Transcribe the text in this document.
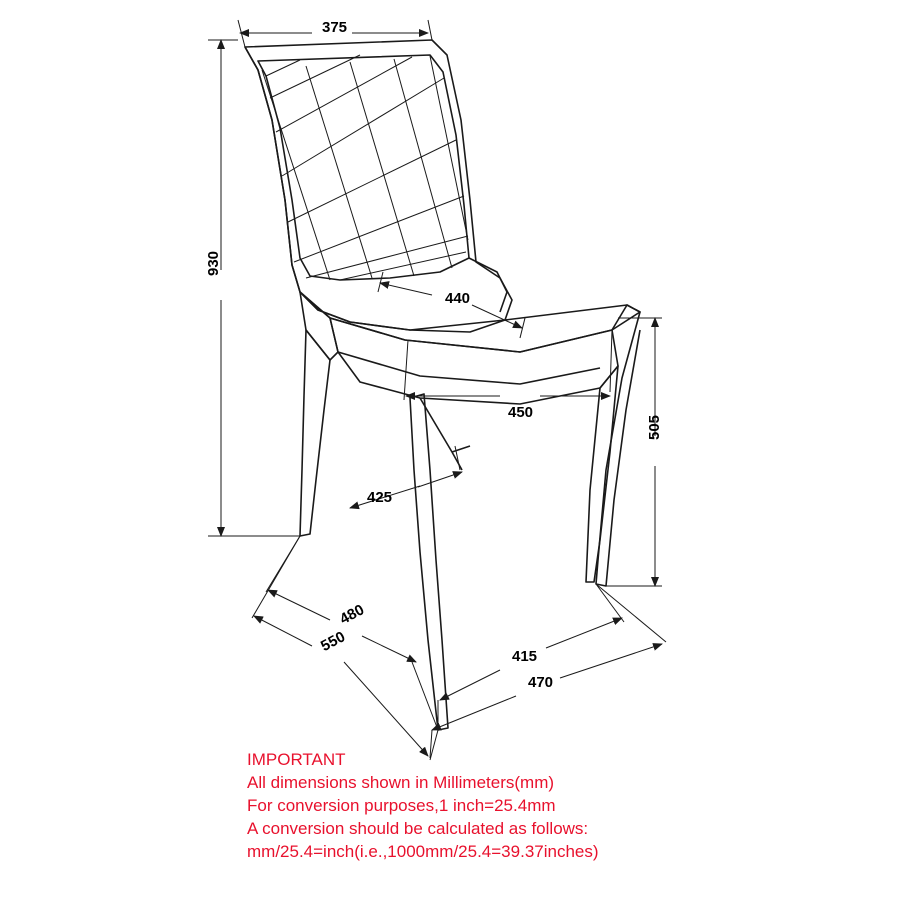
375
930
440
450
505
425
480
550
415
470
IMPORTANT
All dimensions shown in Millimeters(mm)
For conversion purposes,1 inch=25.4mm
A conversion should be calculated as follows:
mm/25.4=inch(i.e.,1000mm/25.4=39.37inches)
